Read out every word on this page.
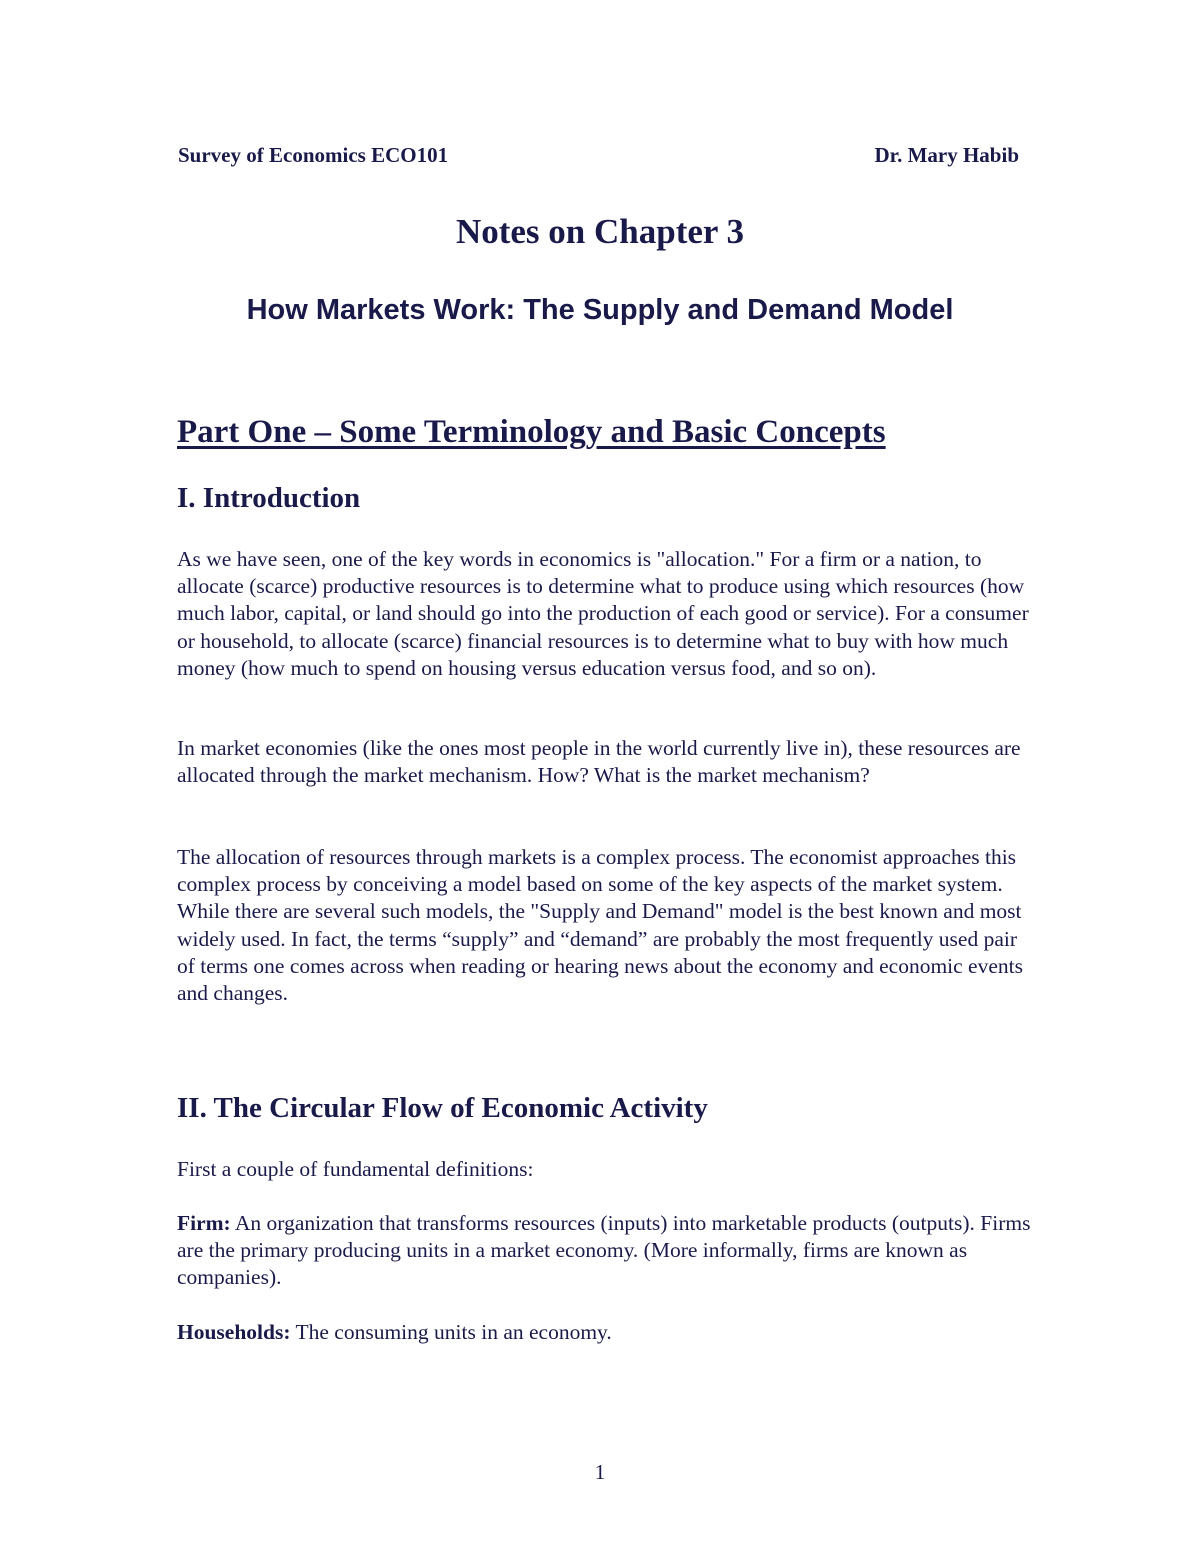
Survey of Economics ECO101	Dr. Mary Habib
Notes on Chapter 3
How Markets Work: The Supply and Demand Model
Part One – Some Terminology and Basic Concepts
I. Introduction

As we have seen, one of the key words in economics is "allocation." For a firm or a nation, to allocate (scarce) productive resources is to determine what to produce using which resources (how much labor, capital, or land should go into the production of each good or service). For a consumer or household, to allocate (scarce) financial resources is to determine what to buy with how much money (how much to spend on housing versus education versus food, and so on).

In market economies (like the ones most people in the world currently live in), these resources are allocated through the market mechanism. How? What is the market mechanism?

The allocation of resources through markets is a complex process. The economist approaches this complex process by conceiving a model based on some of the key aspects of the market system. While there are several such models, the "Supply and Demand" model is the best known and most widely used. In fact, the terms “supply” and “demand” are probably the most frequently used pair of terms one comes across when reading or hearing news about the economy and economic events and changes.

II. The Circular Flow of Economic Activity

First a couple of fundamental definitions:

Firm: An organization that transforms resources (inputs) into marketable products (outputs). Firms are the primary producing units in a market economy. (More informally, firms are known as companies).

Households: The consuming units in an economy.

1
